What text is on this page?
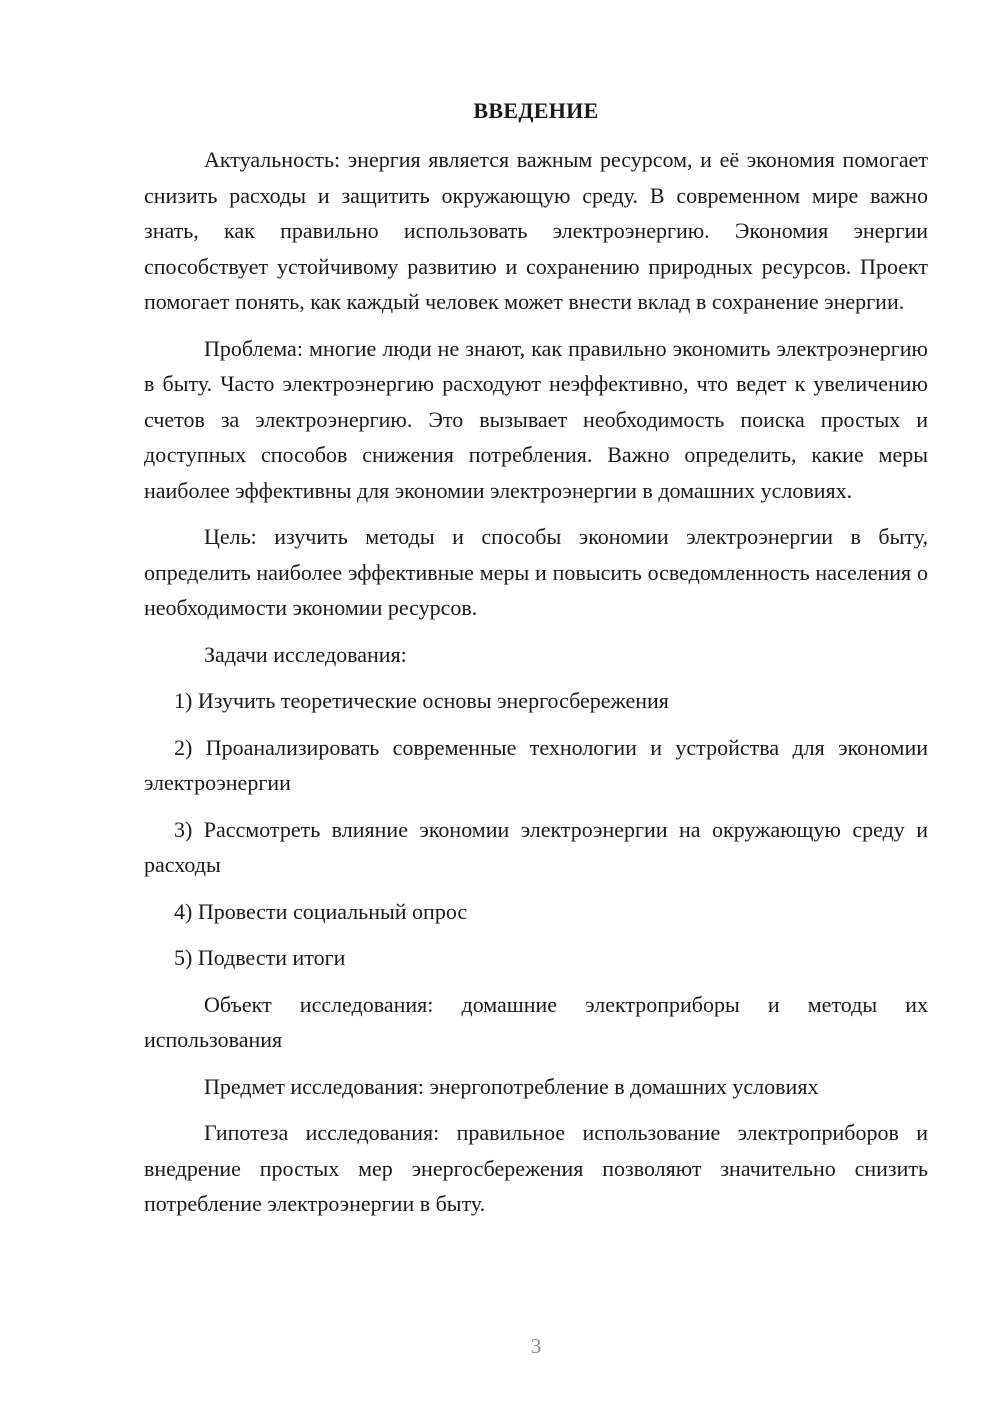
ВВЕДЕНИЕ

Актуальность: энергия является важным ресурсом, и её экономия помогает снизить расходы и защитить окружающую среду. В современном мире важно знать, как правильно использовать электроэнергию. Экономия энергии способствует устойчивому развитию и сохранению природных ресурсов. Проект помогает понять, как каждый человек может внести вклад в сохранение энергии.

Проблема: многие люди не знают, как правильно экономить электроэнергию в быту. Часто электроэнергию расходуют неэффективно, что ведет к увеличению счетов за электроэнергию. Это вызывает необходимость поиска простых и доступных способов снижения потребления. Важно определить, какие меры наиболее эффективны для экономии электроэнергии в домашних условиях.

Цель: изучить методы и способы экономии электроэнергии в быту, определить наиболее эффективные меры и повысить осведомленность населения о необходимости экономии ресурсов.

Задачи исследования:

1) Изучить теоретические основы энергосбережения

2) Проанализировать современные технологии и устройства для экономии электроэнергии

3) Рассмотреть влияние экономии электроэнергии на окружающую среду и расходы

4) Провести социальный опрос

5) Подвести итоги

Объект исследования: домашние электроприборы и методы их использования

Предмет исследования: энергопотребление в домашних условиях

Гипотеза исследования: правильное использование электроприборов и внедрение простых мер энергосбережения позволяют значительно снизить потребление электроэнергии в быту.

3
